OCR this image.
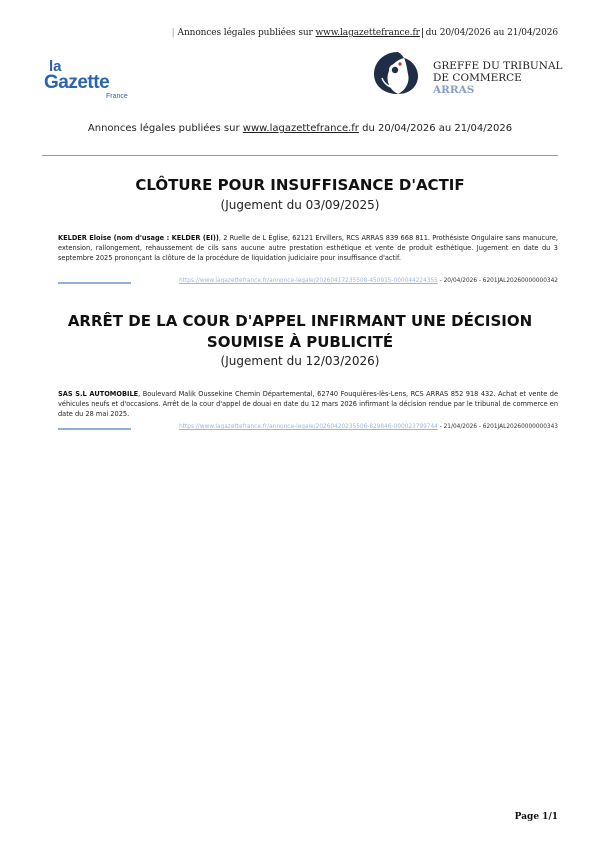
| Annonces légales publiées sur www.lagazettefrance.fr du 20/04/2026 au 21/04/2026
la
Gazette
France
GREFFE DU TRIBUNAL
DE COMMERCE
ARRAS
Annonces légales publiées sur www.lagazettefrance.fr du 20/04/2026 au 21/04/2026
CLÔTURE POUR INSUFFISANCE D'ACTIF
(Jugement du 03/09/2025)
KELDER Eloise (nom d'usage : KELDER (EI)), 2 Ruelle de L Église, 62121 Ervillers, RCS ARRAS 839 668 811. Prothésiste Ongulaire sans manucure, extension, rallongement, rehaussement de cils sans aucune autre prestation esthétique et vente de produit esthétique. Jugement en date du 3 septembre 2025 prononçant la clôture de la procédure de liquidation judiciaire pour insuffisance d'actif.
https://www.lagazettefrance.fr/annonce-legale/20260417235508-450915-000044224355 - 20/04/2026 - 6201JAL20260000000342
ARRÊT DE LA COUR D'APPEL INFIRMANT UNE DÉCISION
SOUMISE À PUBLICITÉ
(Jugement du 12/03/2026)
SAS S.L AUTOMOBILE, Boulevard Malik Oussekine Chemin Départemental, 62740 Fouquières-lès-Lens, RCS ARRAS 852 918 432. Achat et vente de véhicules neufs et d'occasions. Arrêt de la cour d'appel de douai en date du 12 mars 2026 infirmant la décision rendue par le tribunal de commerce en date du 28 mai 2025.
https://www.lagazettefrance.fr/annonce-legale/20260420235506-829846-000023799744 - 21/04/2026 - 6201JAL20260000000343
Page 1/1
